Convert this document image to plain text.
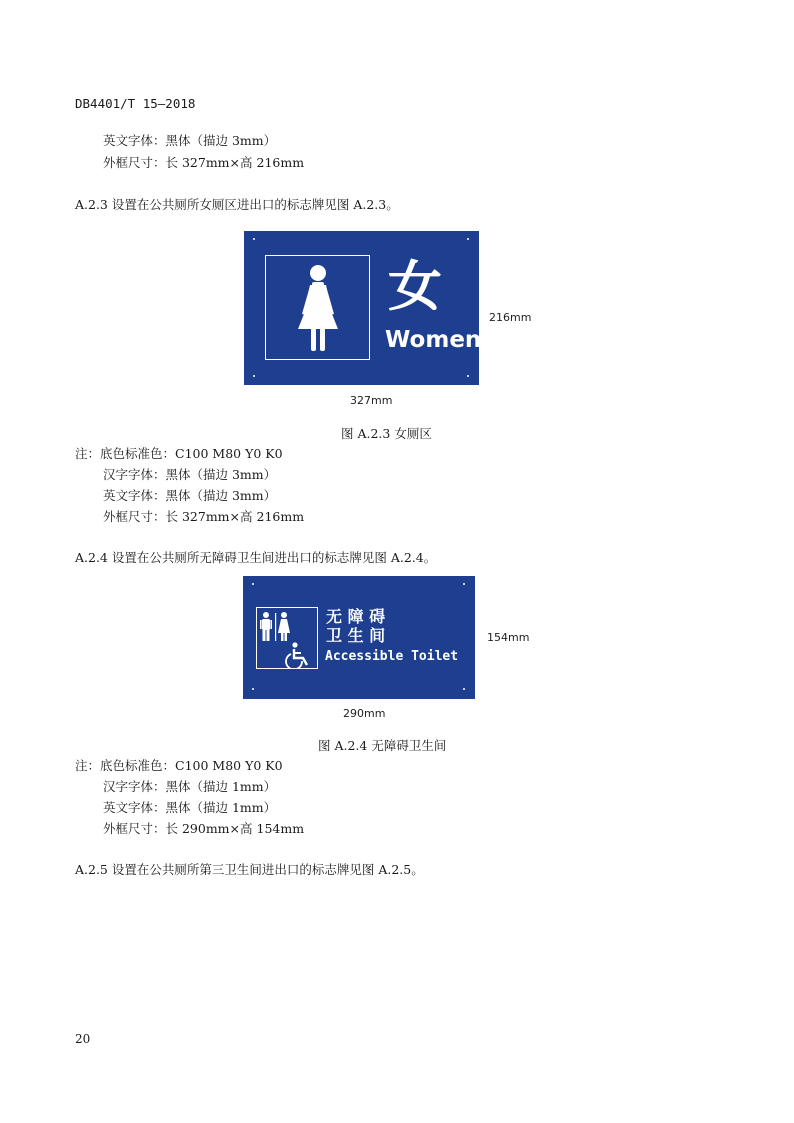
DB4401/T 15—2018
英文字体：黑体（描边 3mm）
外框尺寸：长 327mm×高 216mm
A.2.3 设置在公共厕所女厕区进出口的标志牌见图 A.2.3。
女
Women
216mm
327mm
图 A.2.3 女厕区
注：底色标准色：C100 M80 Y0 K0
汉字字体：黑体（描边 3mm）
英文字体：黑体（描边 3mm）
外框尺寸：长 327mm×高 216mm
A.2.4 设置在公共厕所无障碍卫生间进出口的标志牌见图 A.2.4。
无 障 碍
卫 生 间
Accessible Toilet
154mm
290mm
图 A.2.4 无障碍卫生间
注：底色标准色：C100 M80 Y0 K0
汉字字体：黑体（描边 1mm）
英文字体：黑体（描边 1mm）
外框尺寸：长 290mm×高 154mm
A.2.5 设置在公共厕所第三卫生间进出口的标志牌见图 A.2.5。
20
